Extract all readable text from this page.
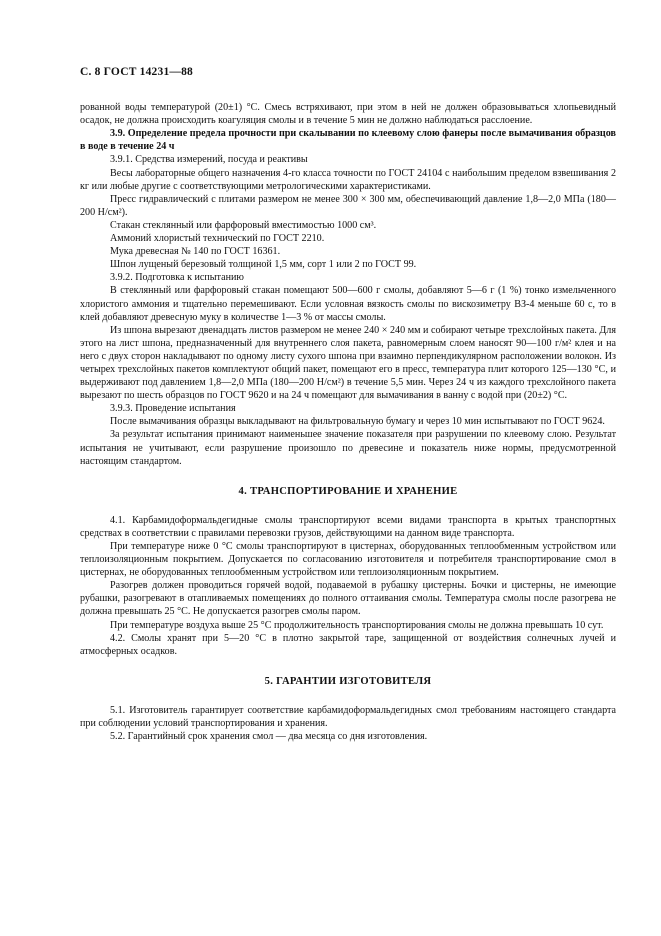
С. 8 ГОСТ 14231—88

рованной воды температурой (20±1) °С. Смесь встряхивают, при этом в ней не должен образовываться хлопьевидный осадок, не должна происходить коагуляция смолы и в течение 5 мин не должно наблюдаться расслоение.

3.9. Определение предела прочности при скалывании по клеевому слою фанеры после вымачивания образцов в воде в течение 24 ч

3.9.1. Средства измерений, посуда и реактивы

Весы лабораторные общего назначения 4-го класса точности по ГОСТ 24104 с наибольшим пределом взвешивания 2 кг или любые другие с соответствующими метрологическими характеристиками.

Пресс гидравлический с плитами размером не менее 300 × 300 мм, обеспечивающий давление 1,8—2,0 МПа (180—200 Н/см²).

Стакан стеклянный или фарфоровый вместимостью 1000 см³.

Аммоний хлористый технический по ГОСТ 2210.

Мука древесная № 140 по ГОСТ 16361.

Шпон лущеный березовый толщиной 1,5 мм, сорт 1 или 2 по ГОСТ 99.

3.9.2. Подготовка к испытанию

В стеклянный или фарфоровый стакан помещают 500—600 г смолы, добавляют 5—6 г (1 %) тонко измельченного хлористого аммония и тщательно перемешивают. Если условная вязкость смолы по вискозиметру ВЗ-4 меньше 60 с, то в клей добавляют древесную муку в количестве 1—3 % от массы смолы.

Из шпона вырезают двенадцать листов размером не менее 240 × 240 мм и собирают четыре трехслойных пакета. Для этого на лист шпона, предназначенный для внутреннего слоя пакета, равномерным слоем наносят 90—100 г/м² клея и на него с двух сторон накладывают по одному листу сухого шпона при взаимно перпендикулярном расположении волокон. Из четырех трехслойных пакетов комплектуют общий пакет, помещают его в пресс, температура плит которого 125—130 °С, и выдерживают под давлением 1,8—2,0 МПа (180—200 Н/см²) в течение 5,5 мин. Через 24 ч из каждого трехслойного пакета вырезают по шесть образцов по ГОСТ 9620 и на 24 ч помещают для вымачивания в ванну с водой при (20±2) °С.

3.9.3. Проведение испытания

После вымачивания образцы выкладывают на фильтровальную бумагу и через 10 мин испытывают по ГОСТ 9624.

За результат испытания принимают наименьшее значение показателя при разрушении по клеевому слою. Результат испытания не учитывают, если разрушение произошло по древесине и показатель ниже нормы, предусмотренной настоящим стандартом.

4. ТРАНСПОРТИРОВАНИЕ И ХРАНЕНИЕ

4.1. Карбамидоформальдегидные смолы транспортируют всеми видами транспорта в крытых транспортных средствах в соответствии с правилами перевозки грузов, действующими на данном виде транспорта.

При температуре ниже 0 °С смолы транспортируют в цистернах, оборудованных теплообменным устройством или теплоизоляционным покрытием. Допускается по согласованию изготовителя и потребителя транспортирование смол в цистернах, не оборудованных теплообменным устройством или теплоизоляционным покрытием.

Разогрев должен проводиться горячей водой, подаваемой в рубашку цистерны. Бочки и цистерны, не имеющие рубашки, разогревают в отапливаемых помещениях до полного оттаивания смолы. Температура смолы после разогрева не должна превышать 25 °С. Не допускается разогрев смолы паром.

При температуре воздуха выше 25 °С продолжительность транспортирования смолы не должна превышать 10 сут.

4.2. Смолы хранят при 5—20 °С в плотно закрытой таре, защищенной от воздействия солнечных лучей и атмосферных осадков.

5. ГАРАНТИИ ИЗГОТОВИТЕЛЯ

5.1. Изготовитель гарантирует соответствие карбамидоформальдегидных смол требованиям настоящего стандарта при соблюдении условий транспортирования и хранения.

5.2. Гарантийный срок хранения смол — два месяца со дня изготовления.
